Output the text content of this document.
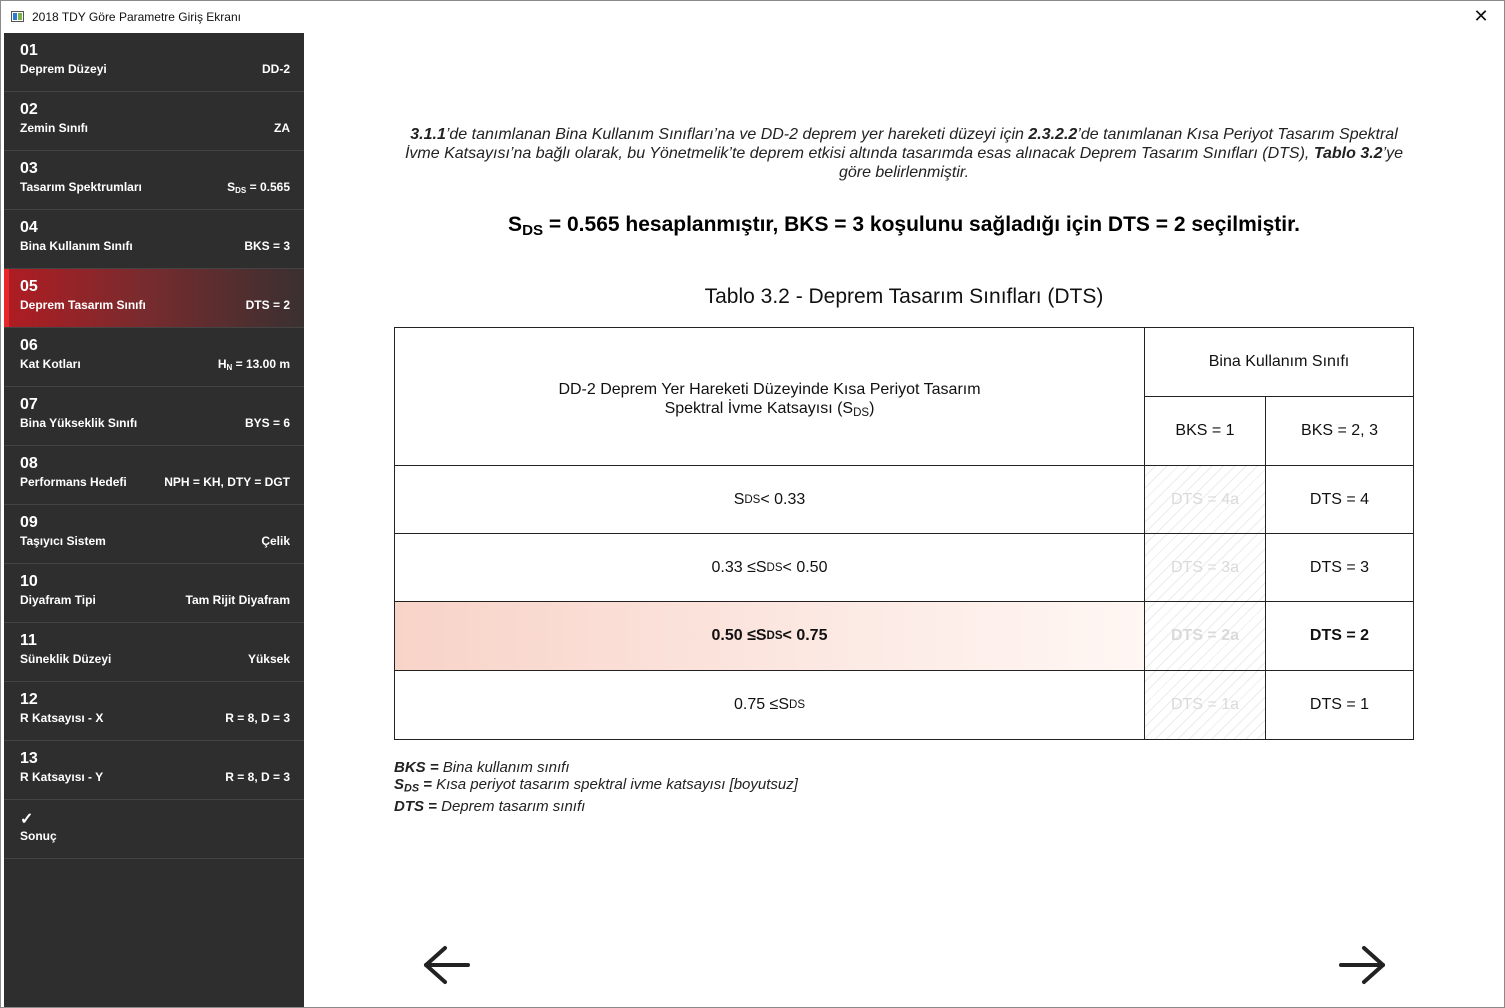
2018 TDY Göre Parametre Giriş Ekranı	✕
01
Deprem Düzeyi	DD-2
02
Zemin Sınıfı	ZA
03
Tasarım Spektrumları	$S_{DS} = 0.565$
04
Bina Kullanım Sınıfı	BKS = 3
05
Deprem Tasarım Sınıfı	DTS = 2
06
Kat Kotları	$H_N = 13.00$ m
07
Bina Yükseklik Sınıfı	BYS = 6
08
Performans Hedefi	NPH = KH, DTY = DGT
09
Taşıyıcı Sistem	Çelik
10
Diyafram Tipi	Tam Rijit Diyafram
11
Süneklik Düzeyi	Yüksek
12
R Katsayısı - X	R = 8, D = 3
13
R Katsayısı - Y	R = 8, D = 3
✓
Sonuç
3.1.1’de tanımlanan Bina Kullanım Sınıfları’na ve DD-2 deprem yer hareketi düzeyi için 2.3.2.2’de tanımlanan Kısa Periyot Tasarım Spektral İvme Katsayısı’na bağlı olarak, bu Yönetmelik’te deprem etkisi altında tasarımda esas alınacak Deprem Tasarım Sınıfları (DTS), Tablo 3.2’ye göre belirlenmiştir.
$S_{DS} = 0.565$ hesaplanmıştır, BKS = 3 koşulunu sağladığı için DTS = 2 seçilmiştir.
Tablo 3.2 - Deprem Tasarım Sınıfları (DTS)
DD-2 Deprem Yer Hareketi Düzeyinde Kısa Periyot Tasarım
Spektral İvme Katsayısı $(S_{DS})$
Bina Kullanım Sınıfı
BKS = 1	BKS = 2, 3
S DS < 0.33	DTS = 4a	DTS = 4
0.33 ≤ S DS < 0.50	DTS = 3a	DTS = 3
0.50 ≤ S DS < 0.75	DTS = 2a	DTS = 2
0.75 ≤ S DS	DTS = 1a	DTS = 1
BKS = Bina kullanım sınıfı
$S_{DS}$ = Kısa periyot tasarım spektral ivme katsayısı [boyutsuz]
DTS = Deprem tasarım sınıfı
